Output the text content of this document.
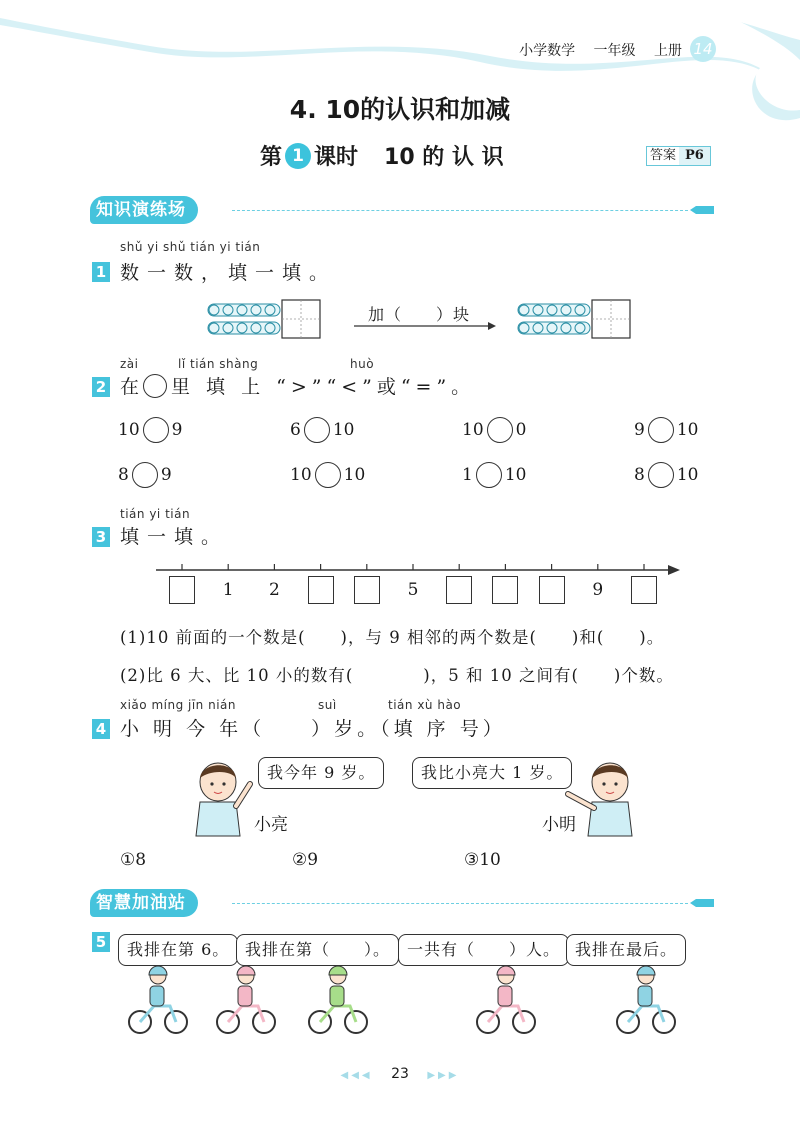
小学数学 一年级 上册 14
4. 10的认识和加减
第 1 课时 10 的 认 识	答案 P6
知识演练场
shǔ yi shǔ tián yi tián
1 数一数，填一填。
加（　　）块
zài	lǐ tián shàng	huò
2 在 里 填 上 “>”“<”或“=”。
10 9	6 10	10 0	9 10
8 9	10 10	1 10	8 10
tián yi tián
3 填一填。
1	2	5	9
(1)10 前面的一个数是(　　)，与 9 相邻的两个数是(　　)和(　　)。
(2)比 6 大、比 10 小的数有(　　　　)，5 和 10 之间有(　　)个数。
xiǎo míng jīn nián	suì	tián xù hào
4 小 明 今 年（　　）岁。（填 序 号）
我今年 9 岁。	我比小亮大 1 岁。
小亮	小明
①8	②9	③10
智慧加油站
5	我排在第 6。 我排在第（　　）。	一共有（　　）人。 我排在最后。
◀◀◀ 23 ▶▶▶
